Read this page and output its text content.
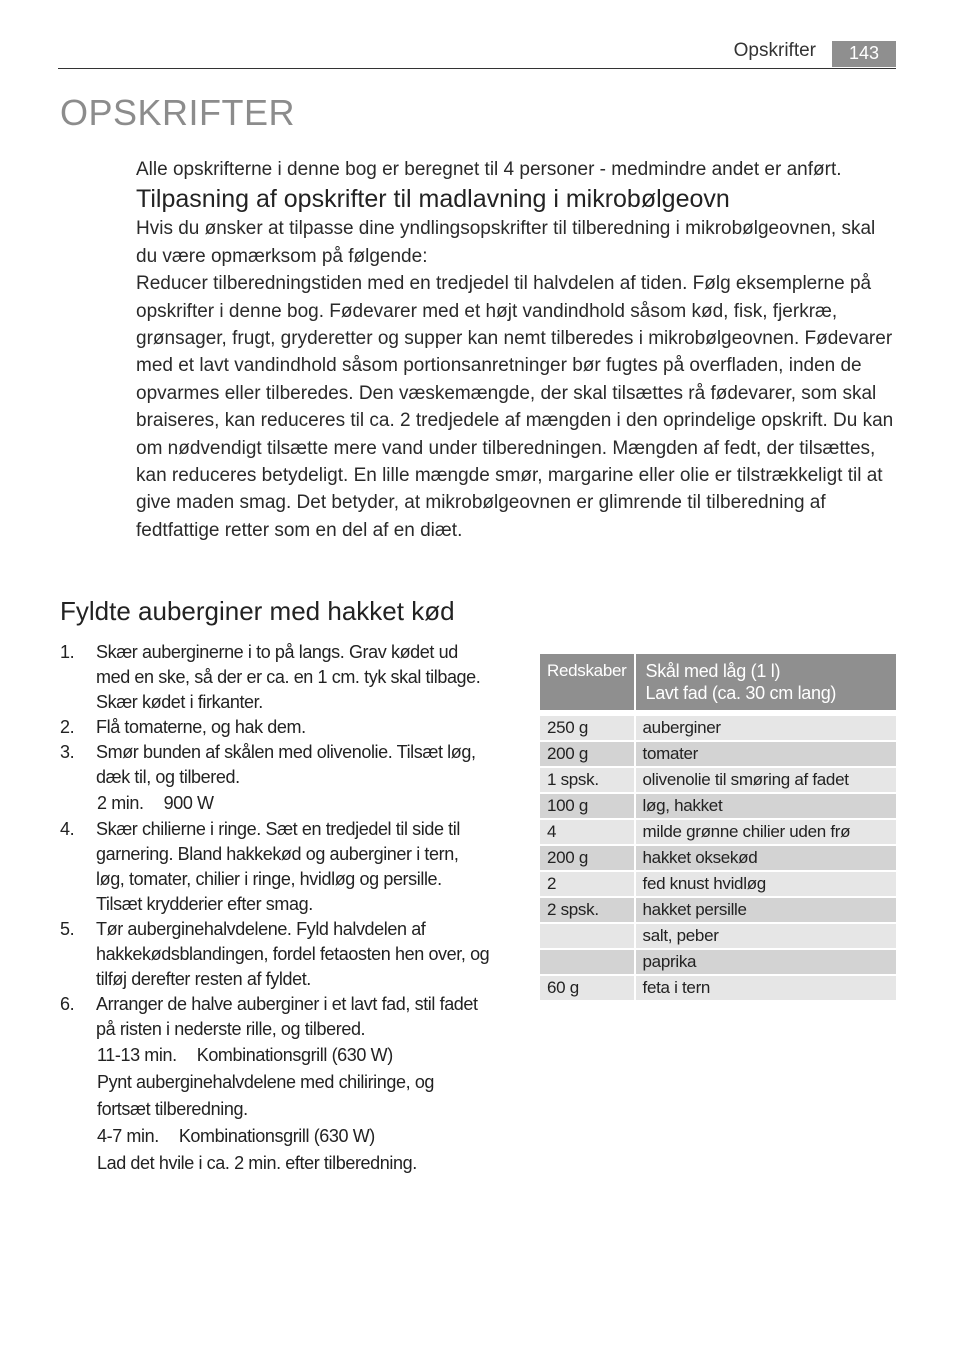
Opskrifter	143
OPSKRIFTER

Alle opskrifterne i denne bog er beregnet til 4 personer - medmindre andet er anført.

Tilpasning af opskrifter til madlavning i mikrobølgeovn

Hvis du ønsker at tilpasse dine yndlingsopskrifter til tilberedning i mikrobølgeovnen, skal du være opmærksom på følgende:

Reducer tilberedningstiden med en tredjedel til halvdelen af tiden. Følg eksemplerne på opskrifter i denne bog. Fødevarer med et højt vandindhold såsom kød, fisk, fjerkræ, grønsager, frugt, gryderetter og supper kan nemt tilberedes i mikrobølgeovnen. Fødevarer med et lavt vandindhold såsom portionsanretninger bør fugtes på overfladen, inden de opvarmes eller tilberedes. Den væskemængde, der skal tilsættes rå fødevarer, som skal braiseres, kan reduceres til ca. 2 tredjedele af mængden i den oprindelige opskrift. Du kan om nødvendigt tilsætte mere vand under tilberedningen. Mængden af fedt, der tilsættes, kan reduceres betydeligt. En lille mængde smør, margarine eller olie er tilstrækkeligt til at give maden smag. Det betyder, at mikrobølgeovnen er glimrende til tilberedning af fedtfattige retter som en del af en diæt.

Fyldte auberginer med hakket kød
1. Skær auberginerne i to på langs. Grav kødet ud med en ske, så der er ca. en 1 cm. tyk skal tilbage. Skær kødet i firkanter.
2. Flå tomaterne, og hak dem.
3. Smør bunden af skålen med olivenolie. Tilsæt løg, dæk til, og tilbered.
2 min. 900 W
4. Skær chilierne i ringe. Sæt en tredjedel til side til garnering. Bland hakkekød og auberginer i tern, løg, tomater, chilier i ringe, hvidløg og persille. Tilsæt krydderier efter smag.
5. Tør auberginehalvdelene. Fyld halvdelen af hakkekødsblandingen, fordel fetaosten hen over, og tilføj derefter resten af fyldet.
6. Arranger de halve auberginer i et lavt fad, stil fadet på risten i nederste rille, og tilbered.
11-13 min. Kombinationsgrill (630 W)
Pynt auberginehalvdelene med chiliringe, og fortsæt tilberedning.
4-7 min. Kombinationsgrill (630 W)
Lad det hvile i ca. 2 min. efter tilberedning.
Redskaber	Skål med låg (1 l)
Lavt fad (ca. 30 cm lang)

250 g	auberginer
200 g	tomater
1 spsk.	olivenolie til smøring af fadet
100 g	løg, hakket
4	milde grønne chilier uden frø
200 g	hakket oksekød
2	fed knust hvidløg
2 spsk.	hakket persille
	salt, peber
	paprika
60 g	feta i tern
